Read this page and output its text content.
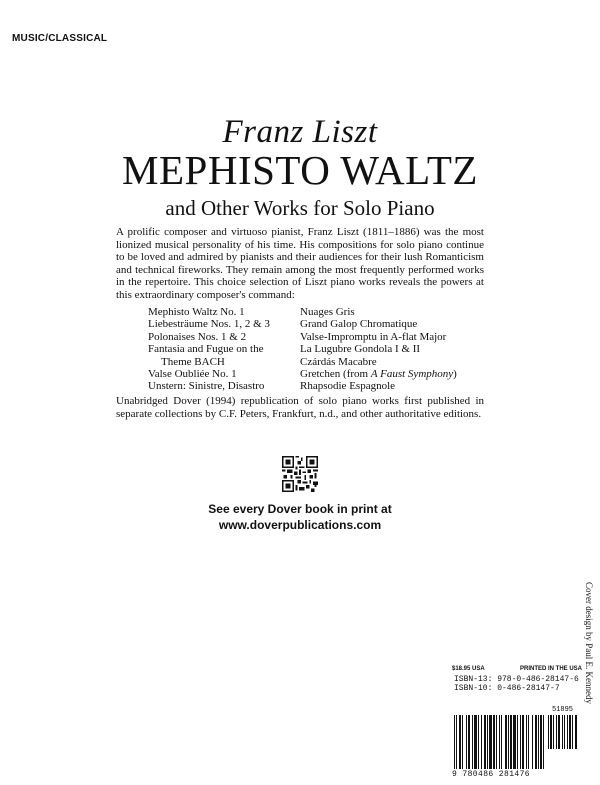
MUSIC/CLASSICAL
Franz Liszt
MEPHISTO WALTZ
and Other Works for Solo Piano

A prolific composer and virtuoso pianist, Franz Liszt (1811–1886) was the most lionized musical personality of his time. His compositions for solo piano continue to be loved and admired by pianists and their audiences for their lush Romanticism and technical fireworks. They remain among the most frequently performed works in the repertoire. This choice selection of Liszt piano works reveals the powers at this extraordinary composer's command:

Mephisto Waltz No. 1
Liebesträume Nos. 1, 2 & 3
Polonaises Nos. 1 & 2
Fantasia and Fugue on the
Theme BACH
Valse Oubliée No. 1
Unstern: Sinistre, Disastro
Nuages Gris
Grand Galop Chromatique
Valse-Impromptu in A-flat Major
La Lugubre Gondola I & II
Czárdás Macabre
Gretchen (from A Faust Symphony)
Rhapsodie Espagnole

Unabridged Dover (1994) republication of solo piano works first published in separate collections by C.F. Peters, Frankfurt, n.d., and other authoritative editions.

See every Dover book in print at
www.doverpublications.com
Cover design by Paul E. Kennedy
$18.95 USA	PRINTED IN THE USA
ISBN-13: 978-0-486-28147-6
ISBN-10: 0-486-28147-7
51895
9 780486 281476
